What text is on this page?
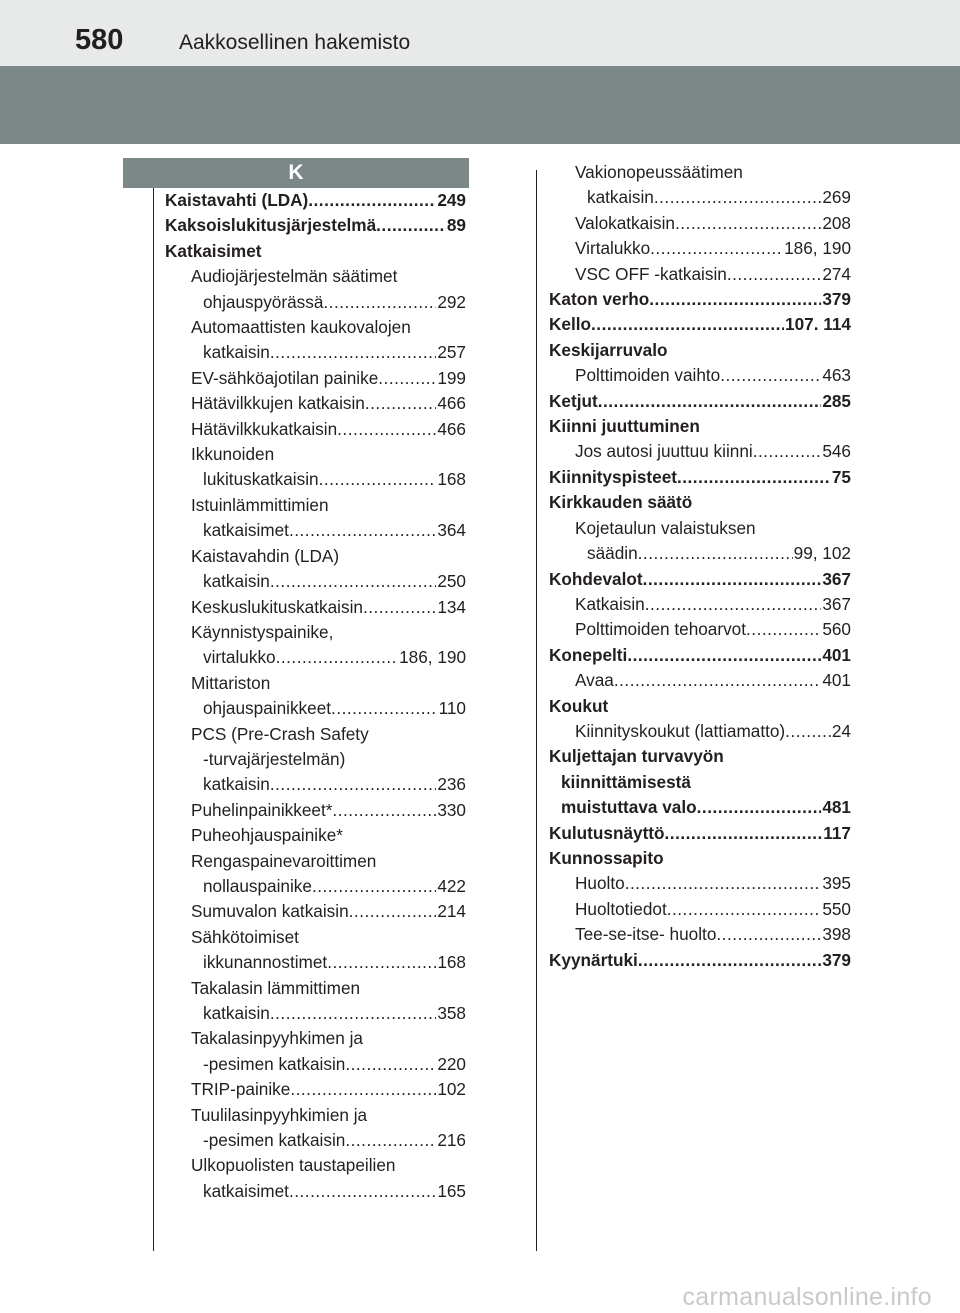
580	Aakkosellinen hakemisto
K
Kaistavahti (LDA) .....	249
Kaksoislukitusjärjestelmä .....	89
Katkaisimet
Audiojärjestelmän säätimet
ohjauspyörässä .....	292
Automaattisten kaukovalojen
katkaisin .....	257
EV-sähköajotilan painike .....	199
Hätävilkkujen katkaisin .....	466
Hätävilkkukatkaisin .....	466
Ikkunoiden
lukituskatkaisin .....	168
Istuinlämmittimien
katkaisimet .....	364
Kaistavahdin (LDA)
katkaisin .....	250
Keskuslukituskatkaisin .....	134
Käynnistyspainike,
virtalukko .....	186, 190
Mittariston
ohjauspainikkeet .....	110
PCS (Pre-Crash Safety
-turvajärjestelmän)
katkaisin .....	236
Puhelinpainikkeet* .....	330
Puheohjauspainike*
Rengaspainevaroittimen
nollauspainike .....	422
Sumuvalon katkaisin .....	214
Sähkötoimiset
ikkunannostimet .....	168
Takalasin lämmittimen
katkaisin .....	358
Takalasinpyyhkimen ja
-pesimen katkaisin .....	220
TRIP-painike .....	102
Tuulilasinpyyhkimien ja
-pesimen katkaisin .....	216
Ulkopuolisten taustapeilien
katkaisimet .....	165
Vakionopeussäätimen
katkaisin .....	269
Valokatkaisin .....	208
Virtalukko .....	186, 190
VSC OFF -katkaisin .....	274
Katon verho .....	379
Kello .....	107. 114
Keskijarruvalo
Polttimoiden vaihto .....	463
Ketjut .....	285
Kiinni juuttuminen
Jos autosi juuttuu kiinni .....	546
Kiinnityspisteet .....	75
Kirkkauden säätö
Kojetaulun valaistuksen
säädin .....	99, 102
Kohdevalot .....	367
Katkaisin .....	367
Polttimoiden tehoarvot .....	560
Konepelti .....	401
Avaa .....	401
Koukut
Kiinnityskoukut (lattiamatto) .....	24
Kuljettajan turvavyön
kiinnittämisestä
muistuttava valo .....	481
Kulutusnäyttö .....	117
Kunnossapito
Huolto .....	395
Huoltotiedot .....	550
Tee-se-itse- huolto .....	398
Kyynärtuki .....	379
carmanualsonline.info
